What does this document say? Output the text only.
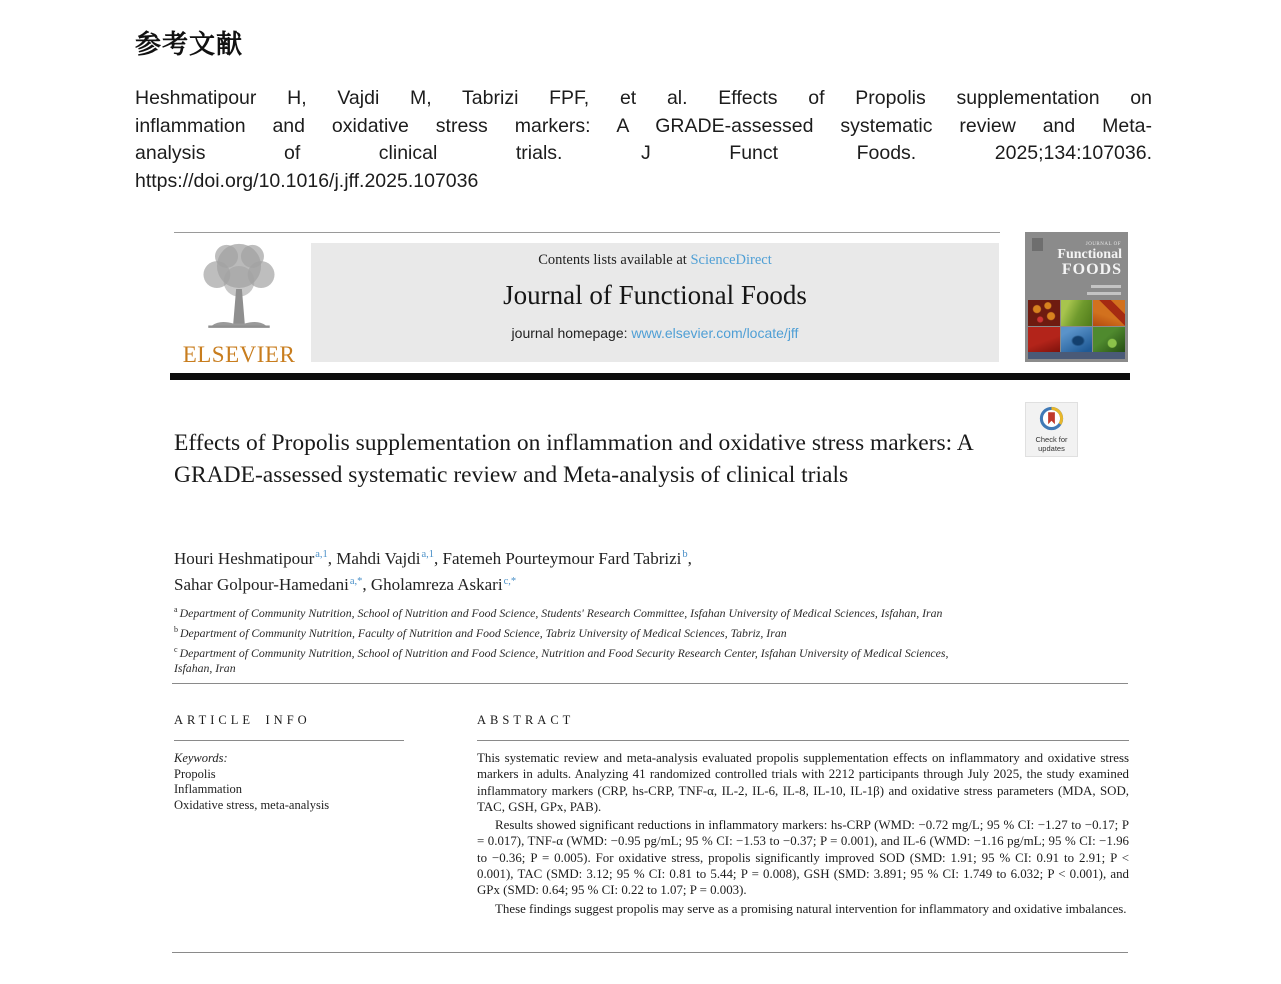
参考文献
Heshmatipour H, Vajdi M, Tabrizi FPF, et al. Effects of Propolis supplementation on
inflammation and oxidative stress markers: A GRADE-assessed systematic review and Meta-
analysis of clinical trials. J Funct Foods. 2025;134:107036.
https://doi.org/10.1016/j.jff.2025.107036
ELSEVIER
Contents lists available at ScienceDirect
Journal of Functional Foods
journal homepage: www.elsevier.com/locate/jff
JOURNAL OF
Functional
FOODS
Check for
updates
Effects of Propolis supplementation on inflammation and oxidative stress markers: A GRADE-assessed systematic review and Meta-analysis of clinical trials
Houri Heshmatipour$^{a,1}$, Mahdi Vajdi$^{a,1}$, Fatemeh Pourteymour Fard Tabrizi$^b$,
Sahar Golpour-Hamedani$^{a,*}$, Gholamreza Askari$^{c,*}$
$^a$ Department of Community Nutrition, School of Nutrition and Food Science, Students' Research Committee, Isfahan University of Medical Sciences, Isfahan, Iran
$^b$ Department of Community Nutrition, Faculty of Nutrition and Food Science, Tabriz University of Medical Sciences, Tabriz, Iran
$^c$ Department of Community Nutrition, School of Nutrition and Food Science, Nutrition and Food Security Research Center, Isfahan University of Medical Sciences,
Isfahan, Iran
ARTICLE INFO
Keywords:
Propolis
Inflammation
Oxidative stress, meta-analysis
ABSTRACT

This systematic review and meta-analysis evaluated propolis supplementation effects on inflammatory and oxidative stress markers in adults. Analyzing 41 randomized controlled trials with 2212 participants through July 2025, the study examined inflammatory markers (CRP, hs-CRP, TNF-α, IL-2, IL-6, IL-8, IL-10, IL-1β) and oxidative stress parameters (MDA, SOD, TAC, GSH, GPx, PAB).

Results showed significant reductions in inflammatory markers: hs-CRP (WMD: −0.72 mg/L; 95 % CI: −1.27 to −0.17; P = 0.017), TNF-α (WMD: −0.95 pg/mL; 95 % CI: −1.53 to −0.37; P = 0.001), and IL-6 (WMD: −1.16 pg/mL; 95 % CI: −1.96 to −0.36; P = 0.005). For oxidative stress, propolis significantly improved SOD (SMD: 1.91; 95 % CI: 0.91 to 2.91; P < 0.001), TAC (SMD: 3.12; 95 % CI: 0.81 to 5.44; P = 0.008), GSH (SMD: 3.891; 95 % CI: 1.749 to 6.032; P < 0.001), and GPx (SMD: 0.64; 95 % CI: 0.22 to 1.07; P = 0.003).

These findings suggest propolis may serve as a promising natural intervention for inflammatory and oxidative imbalances.
